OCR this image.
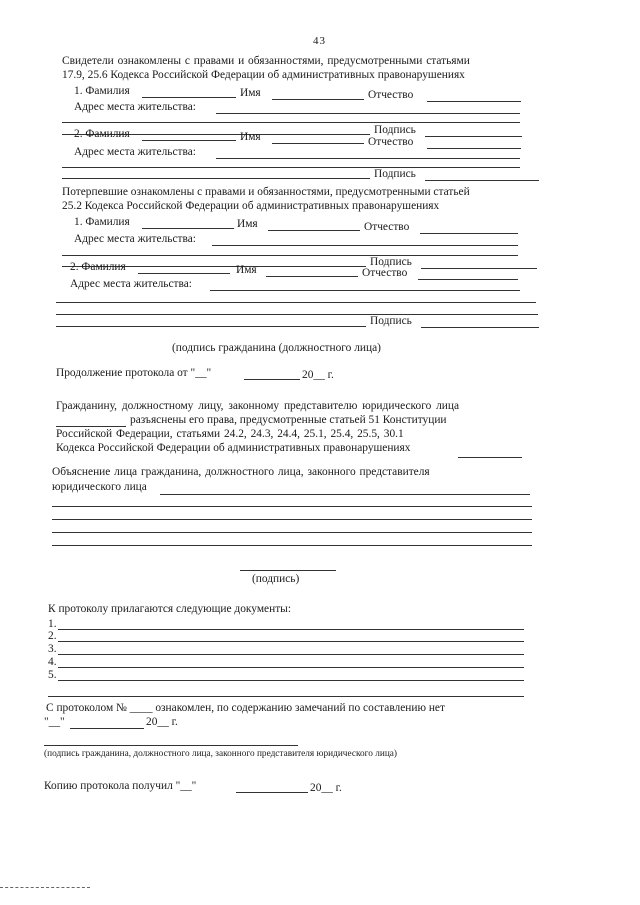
43
Свидетели ознакомлены с правами и обязанностями, предусмотренными статьями
17.9, 25.6 Кодекса Российской Федерации об административных правонарушениях
1. Фамилия	Имя	Отчество
Адрес места жительства:
Подпись
2. Фамилия	Имя	Отчество
Адрес места жительства:
Подпись
Потерпевшие ознакомлены с правами и обязанностями, предусмотренными статьей
25.2 Кодекса Российской Федерации об административных правонарушениях
1. Фамилия	Имя	Отчество
Адрес места жительства:
Подпись
2. Фамилия	Имя	Отчество
Адрес места жительства:
Подпись
(подпись гражданина (должностного лица)
Продолжение протокола от "__"	20__ г.
Гражданину, должностному лицу, законному представителю юридического лица
разъяснены его права, предусмотренные статьей 51 Конституции
Российской Федерации, статьями 24.2, 24.3, 24.4, 25.1, 25.4, 25.5, 30.1
Кодекса Российской Федерации об административных правонарушениях
Объяснение лица гражданина, должностного лица, законного представителя
юридического лица
(подпись)
К протоколу прилагаются следующие документы:
1.
2.
3.
4.
5.
С протоколом № ____ ознакомлен, по содержанию замечаний по составлению нет
"__"	20__ г.
(подпись гражданина, должностного лица, законного представителя юридического лица)
Копию протокола получил "__"	20__ г.
